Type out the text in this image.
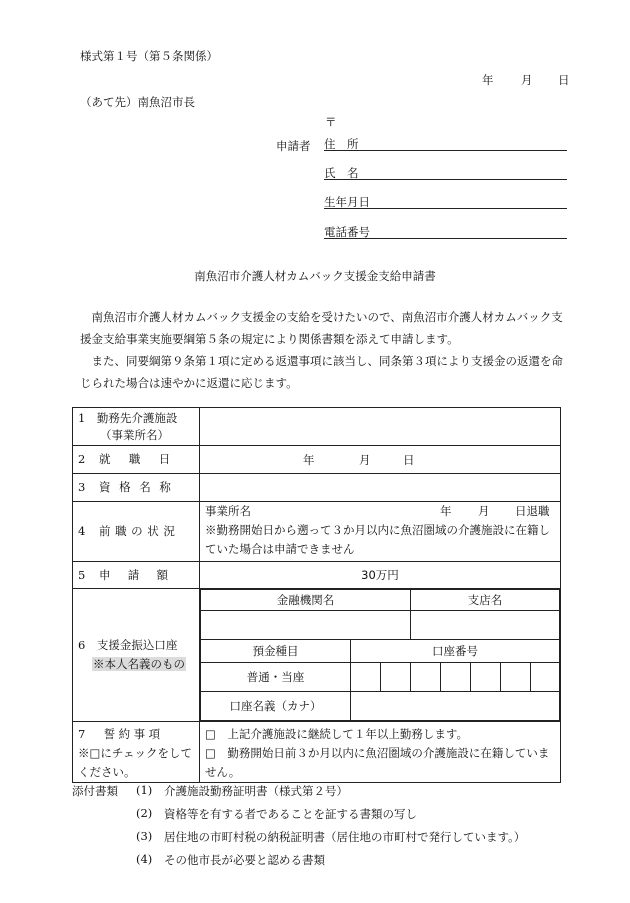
様式第１号（第５条関係）
年 月 日
（あて先）南魚沼市長
〒
申請者 住　所
氏　名
生年月日
電話番号
南魚沼市介護人材カムバック支援金支給申請書

南魚沼市介護人材カムバック支援金の支給を受けたいので、南魚沼市介護人材カムバック支援金支給事業実施要綱第５条の規定により関係書類を添えて申請します。

また、同要綱第９条第１項に定める返還事項に該当し、同条第３項により支援金の返還を命じられた場合は速やかに返還に応じます。

1　勤務先介護施設
（事業所名）

2 就職日	年	月	日

3 資格名称	
4 前職の状況	
事業所名	年 月 日退職
※勤務開始日から遡って３か月以内に魚沼圏域の介護施設に在籍していた場合は申請できません

5 申請額	30万円

6　支援金振込口座
※本人名義のもの

金融機関名	支店名

預金種目	口座番号
普通・当座							
口座名義（カナ）	

7　誓約事項
※□にチェックをしてください。

□　上記介護施設に継続して１年以上勤務します。
□　勤務開始日前３か月以内に魚沼圏域の介護施設に在籍していません。
添付書類 (1) 介護施設勤務証明書（様式第２号）
(2) 資格等を有する者であることを証する書類の写し
(3) 居住地の市町村税の納税証明書（居住地の市町村で発行しています。）
(4) その他市長が必要と認める書類
